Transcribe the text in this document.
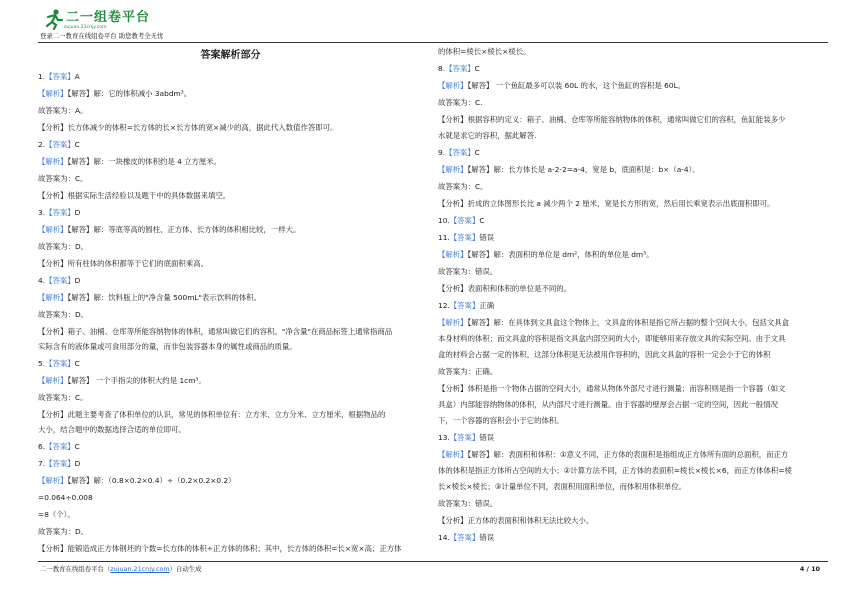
二一组卷平台
zujuan.21cnjy.com
登录二一教育在线组卷平台 助您教考全无忧
答案解析部分
1.【答案】A
【解析】【解答】解：它的体积减小 3abdm³。
故答案为：A。
【分析】长方体减少的体积=长方体的长×长方体的宽×减少的高，据此代入数值作答即可。
2.【答案】C
【解析】【解答】解：一块橡皮的体积约是 4 立方厘米。
故答案为：C。
【分析】根据实际生活经验以及题干中的具体数据来填空。
3.【答案】D
【解析】【解答】解：等底等高的圆柱、正方体、长方体的体积相比较，一样大。
故答案为：D。
【分析】所有柱体的体积都等于它们的底面积乘高。
4.【答案】D
【解析】【解答】解：饮料瓶上的"净含量 500mL"表示饮料的体积。
故答案为：D。
【分析】箱子、油桶、仓库等所能容纳物体的体积，通常叫做它们的容积。"净含量"在商品标签上通常指商品
实际含有的液体量或可食用部分的量，而非包装容器本身的属性或商品的质量。
5.【答案】C
【解析】【解答】 一个手指尖的体积大约是 1cm³。
故答案为：C。
【分析】此题主要考查了体积单位的认识，常见的体积单位有：立方米、立方分米、立方厘米，根据物品的
大小，结合题中的数据选择合适的单位即可。
6.【答案】C
7.【答案】D
【解析】【解答】解：（0.8×0.2×0.4）÷（0.2×0.2×0.2）
=0.064÷0.008
=8（个）。
故答案为：D。
【分析】能锻造成正方体钢坯的个数=长方体的体积÷正方体的体积；其中，长方体的体积=长×宽×高；正方体
的体积=棱长×棱长×棱长。
8.【答案】C
【解析】【解答】 一个鱼缸最多可以装 60L 的水，这个鱼缸的容积是 60L。
故答案为：C.
【分析】根据容积的定义：箱子、油桶、仓库等所能容纳物体的体积，通常叫做它们的容积，鱼缸能装多少
水就是求它的容积，据此解答.
9.【答案】C
【解析】【解答】解：长方体长是 a-2-2=a-4，宽是 b，底面积是：b×（a-4）。
故答案为：C。
【分析】折成的立体图形长比 a 减少两个 2 厘米，宽是长方形的宽，然后用长乘宽表示出底面积即可。
10.【答案】C
11.【答案】错误
【解析】【解答】解：表面积的单位是 dm²，体积的单位是 dm³。
故答案为：错误。
【分析】表面积和体积的单位是不同的。
12.【答案】正确
【解析】【解答】解：在具体到文具盒这个物体上，文具盒的体积是指它所占据的整个空间大小，包括文具盒
本身材料的体积；而文具盒的容积是指文具盒内部空间的大小，即能够用来存放文具的实际空间。由于文具
盒的材料会占据一定的体积，这部分体积是无法被用作容积的，因此文具盒的容积一定会小于它的体积
故答案为：正确。
【分析】体积是指一个物体占据的空间大小，通常从物体外部尺寸进行测量；而容积则是指一个容器（如文
具盒）内部能容纳物体的体积，从内部尺寸进行测量。由于容器的壁厚会占据一定的空间，因此一般情况
下，一个容器的容积会小于它的体积。
13.【答案】错误
【解析】【解答】解：表面积和体积：①意义不同，正方体的表面积是指组成正方体所有面的总面积，而正方
体的体积是指正方体所占空间的大小；②计算方法不同，正方体的表面积=棱长×棱长×6，而正方体体积=棱
长×棱长×棱长；③计量单位不同，表面积用面积单位，而体积用体积单位。
故答案为：错误。
【分析】正方体的表面积和体积无法比较大小。
14.【答案】错误
二一教育在线组卷平台（zujuan.21cnjy.com）自动生成	4 / 10
